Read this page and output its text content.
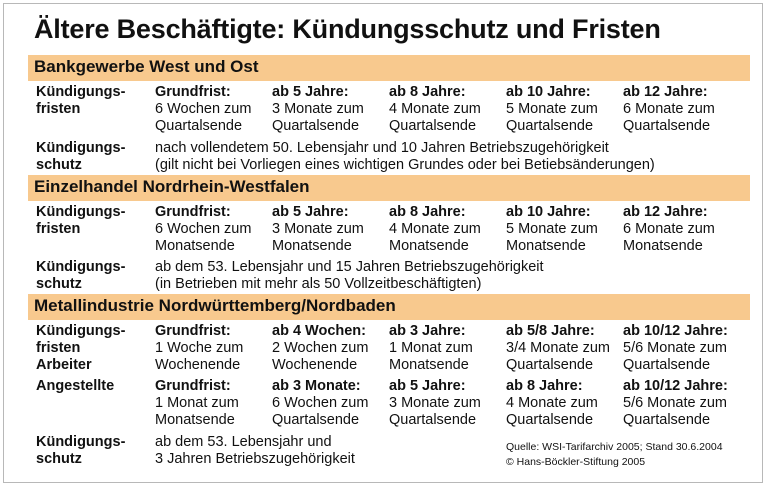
Ältere Beschäftigte: Kündungsschutz und Fristen
Bankgewerbe West und Ost
Kündigungs-
fristen
Grundfrist:
6 Wochen zum
Quartalsende
ab 5 Jahre:
3 Monate zum
Quartalsende
ab 8 Jahre:
4 Monate zum
Quartalsende
ab 10 Jahre:
5 Monate zum
Quartalsende
ab 12 Jahre:
6 Monate zum
Quartalsende
Kündigungs-
schutz
nach vollendetem 50. Lebensjahr und 10 Jahren Betriebszugehörigkeit
(gilt nicht bei Vorliegen eines wichtigen Grundes oder bei Betiebsänderungen)
Einzelhandel Nordrhein-Westfalen
Kündigungs-
fristen
Grundfrist:
6 Wochen zum
Monatsende
ab 5 Jahre:
3 Monate zum
Monatsende
ab 8 Jahre:
4 Monate zum
Monatsende
ab 10 Jahre:
5 Monate zum
Monatsende
ab 12 Jahre:
6 Monate zum
Monatsende
Kündigungs-
schutz
ab dem 53. Lebensjahr und 15 Jahren Betriebszugehörigkeit
(in Betrieben mit mehr als 50 Vollzeitbeschäftigten)
Metallindustrie Nordwürttemberg/Nordbaden
Kündigungs-
fristen
Arbeiter
Grundfrist:
1 Woche zum
Wochenende
ab 4 Wochen:
2 Wochen zum
Wochenende
ab 3 Jahre:
1 Monat zum
Monatsende
ab 5/8 Jahre:
3/4 Monate zum
Quartalsende
ab 10/12 Jahre:
5/6 Monate zum
Quartalsende
Angestellte	Grundfrist:
1 Monat zum
Monatsende
ab 3 Monate:
6 Wochen zum
Quartalsende
ab 5 Jahre:
3 Monate zum
Quartalsende
ab 8 Jahre:
4 Monate zum
Quartalsende
ab 10/12 Jahre:
5/6 Monate zum
Quartalsende
Kündigungs-
schutz
ab dem 53. Lebensjahr und
3 Jahren Betriebszugehörigkeit
Quelle: WSI-Tarifarchiv 2005; Stand 30.6.2004
© Hans-Böckler-Stiftung 2005
